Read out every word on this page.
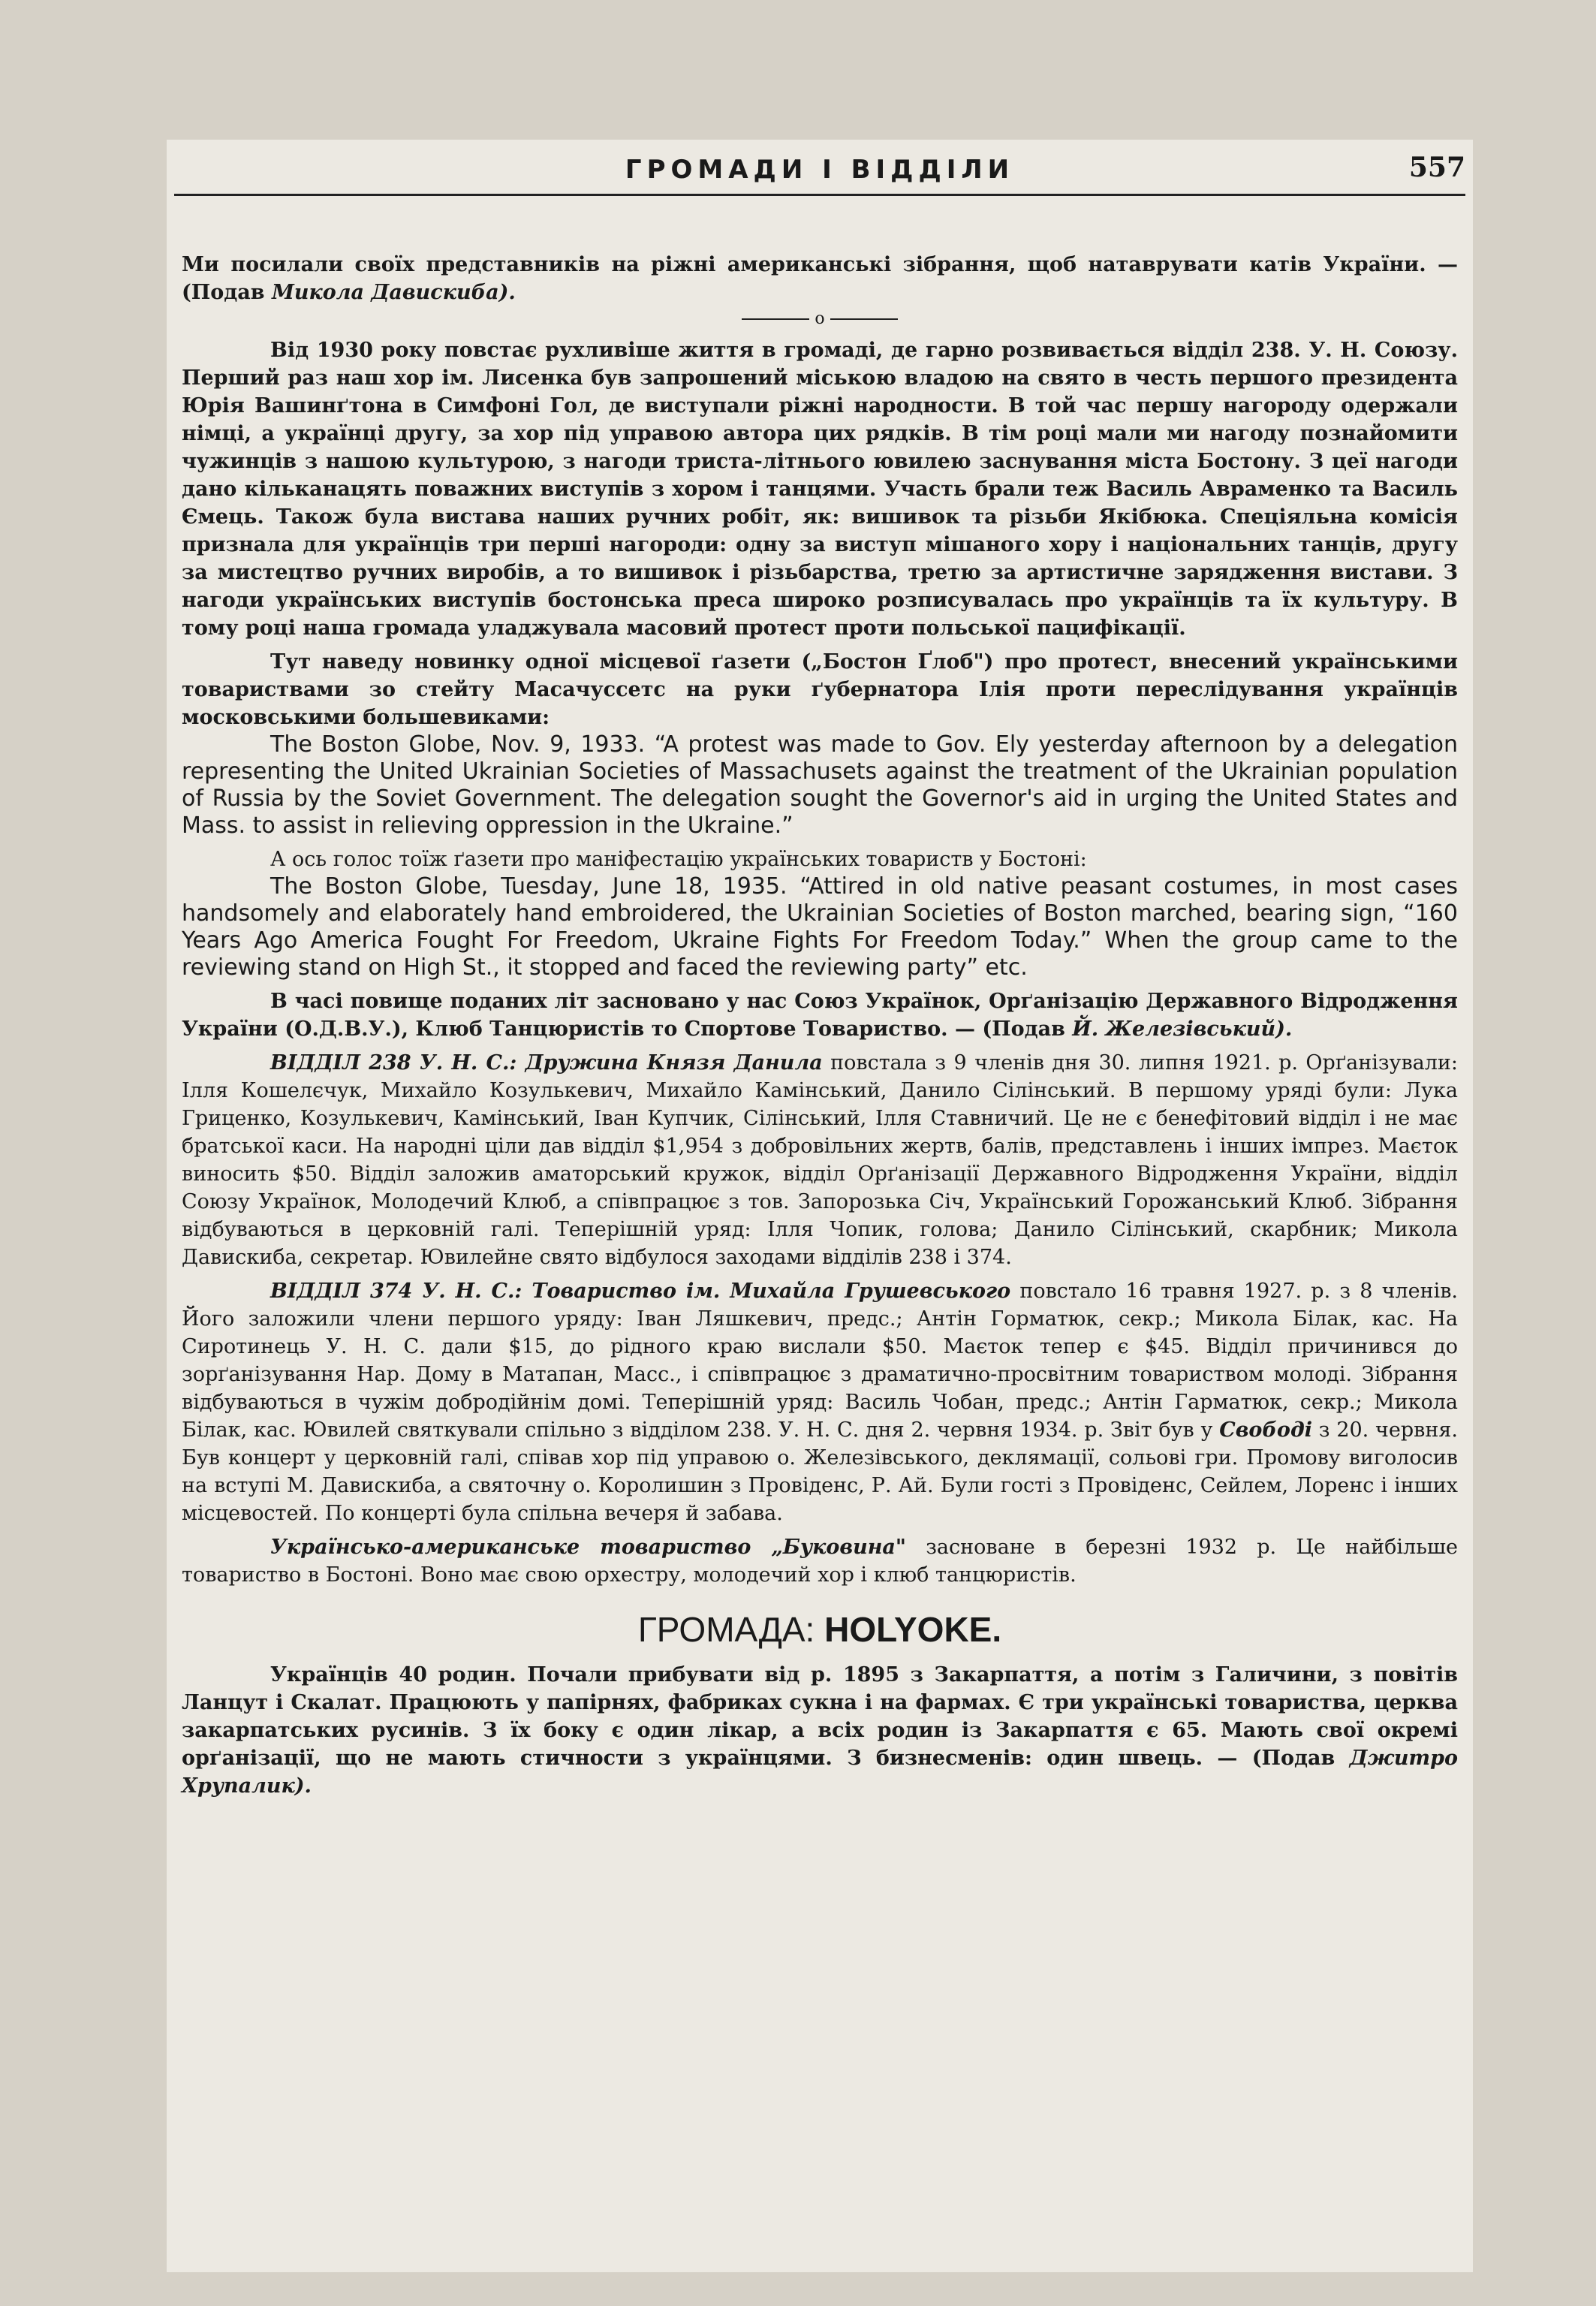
ГРОМАДИ І ВІДДІЛИ	557

Ми посилали своїх представників на ріжні американські зібрання, щоб натаврувати катів України. — (Подав Микола Давискиба).

o

Від 1930 року повстає рухливіше життя в громаді, де гарно розвивається відділ 238. У. Н. Союзу. Перший раз наш хор ім. Лисенка був запрошений міською владою на свято в честь першого президента Юрія Вашинґтона в Симфоні Гол, де виступали ріжні народности. В той час першу нагороду одержали німці, а українці другу, за хор під управою автора цих рядків. В тім році мали ми нагоду познайомити чужинців з нашою культурою, з нагоди триста-літнього ювилею заснування міста Бостону. З цеї нагоди дано кільканацять поважних виступів з хором і танцями. Участь брали теж Василь Авраменко та Василь Ємець. Також була вистава наших ручних робіт, як: вишивок та різьби Якібюка. Спеціяльна комісія признала для українців три перші нагороди: одну за виступ мішаного хору і національних танців, другу за мистецтво ручних виробів, а то вишивок і різьбарства, третю за артистичне зарядження вистави. З нагоди українських виступів бостонська преса широко розписувалась про українців та їх культуру. В тому році наша громада уладжувала масовий протест проти польської пацифікації.

Тут наведу новинку одної місцевої ґазети („Бостон Ґлоб") про протест, внесений українськими товариствами зо стейту Масачуссетс на руки ґубернатора Ілія проти переслідування українців московськими большевиками:

The Boston Globe, Nov. 9, 1933. “A protest was made to Gov. Ely yesterday afternoon by a delegation representing the United Ukrainian Societies of Massachusets against the treatment of the Ukrainian population of Russia by the Soviet Government. The delegation sought the Governor's aid in urging the United States and Mass. to assist in relieving oppression in the Ukraine.”

А ось голос тоїж ґазети про маніфестацію українських товариств у Бостоні:

The Boston Globe, Tuesday, June 18, 1935. “Attired in old native peasant costumes, in most cases handsomely and elaborately hand embroidered, the Ukrainian Societies of Boston marched, bearing sign, “160 Years Ago America Fought For Freedom, Ukraine Fights For Freedom Today.” When the group came to the reviewing stand on High St., it stopped and faced the reviewing party” etc.

В часі повище поданих літ засновано у нас Союз Українок, Орґанізацію Державного Відродження України (О.Д.В.У.), Клюб Танцюристів то Спортове Товариство. — (Подав Й. Железівський).

ВІДДІЛ 238 У. Н. С.: Дружина Князя Данила повстала з 9 членів дня 30. липня 1921. р. Орґанізували: Ілля Кошелєчук, Михайло Козулькевич, Михайло Камінський, Данило Сілінський. В першому уряді були: Лука Гриценко, Козулькевич, Камінський, Іван Купчик, Сілінський, Ілля Ставничий. Це не є бенефітовий відділ і не має братської каси. На народні ціли дав відділ $1,954 з добровільних жертв, балів, представлень і інших імпрез. Маєток виносить $50. Відділ заложив аматорський кружок, відділ Орґанізації Державного Відродження України, відділ Союзу Українок, Молодечий Клюб, а співпрацює з тов. Запорозька Січ, Український Горожанський Клюб. Зібрання відбуваються в церковній галі. Теперішній уряд: Ілля Чопик, голова; Данило Сілінський, скарбник; Микола Давискиба, секретар. Ювилейне свято відбулося заходами відділів 238 і 374.

ВІДДІЛ 374 У. Н. С.: Товариство ім. Михайла Грушевського повстало 16 травня 1927. р. з 8 членів. Його заложили члени першого уряду: Іван Ляшкевич, предс.; Антін Горматюк, секр.; Микола Білак, кас. На Сиротинець У. Н. С. дали $15, до рідного краю вислали $50. Маєток тепер є $45. Відділ причинився до зорґанізування Нар. Дому в Матапан, Масс., і співпрацює з драматично-просвітним товариством молоді. Зібрання відбуваються в чужім добродійнім домі. Теперішній уряд: Василь Чобан, предс.; Антін Гарматюк, секр.; Микола Білак, кас. Ювилей святкували спільно з відділом 238. У. Н. С. дня 2. червня 1934. р. Звіт був у Свободі з 20. червня. Був концерт у церковній галі, співав хор під управою о. Железівського, деклямації, сольові гри. Промову виголосив на вступі М. Давискиба, а святочну о. Королишин з Провіденс, Р. Ай. Були гості з Провіденс, Сейлем, Лоренс і інших місцевостей. По концерті була спільна вечеря й забава.

Українсько-американське товариство „Буковина" засноване в березні 1932 р. Це найбільше товариство в Бостоні. Воно має свою орхестру, молодечий хор і клюб танцюристів.

ГРОМАДА: HOLYOKE.

Українців 40 родин. Почали прибувати від р. 1895 з Закарпаття, а потім з Галичини, з повітів Ланцут і Скалат. Працюють у папірнях, фабриках сукна і на фармах. Є три українські товариства, церква закарпатських русинів. З їх боку є один лікар, а всіх родин із Закарпаття є 65. Мають свої окремі орґанізації, що не мають стичности з українцями. З бизнесменів: один швець. — (Подав Джитро Хрупалик).
